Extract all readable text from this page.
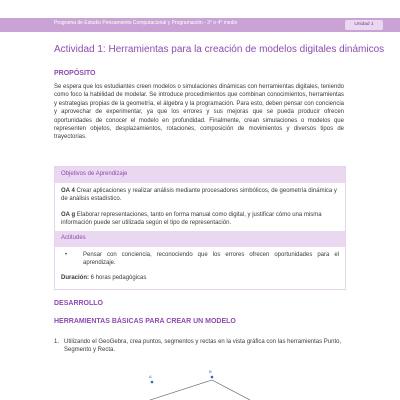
Programa de Estudio Pensamiento Computacional y Programación - 3° o 4° medio	Unidad 1
Actividad 1: Herramientas para la creación de modelos digitales dinámicos
PROPÓSITO
Se espera que los estudiantes creen modelos o simulaciones dinámicas con herramientas digitales, teniendo como foco la habilidad de modelar. Se introduce procedimientos que combinan conocimientos, herramientas y estrategias propias de la geometría, el álgebra y la programación. Para esto, deben pensar con conciencia y aprovechar de experimentar, ya que los errores y sus mejoras que se pueda producir ofrecen oportunidades de conocer el modelo en profundidad. Finalmente, crean simulaciones o modelos que representen objetos, desplazamientos, rotaciones, composición de movimientos y diversos tipos de trayectorias.
Objetivos de Aprendizaje
OA 4 Crear aplicaciones y realizar análisis mediante procesadores simbólicos, de geometría dinámica y de análisis estadístico.
OA g Elaborar representaciones, tanto en forma manual como digital, y justificar cómo una misma información puede ser utilizada según el tipo de representación.
Actitudes
•	Pensar con conciencia, reconociendo que los errores ofrecen oportunidades para el aprendizaje.
Duración: 6 horas pedagógicas
DESARROLLO
HERRAMIENTAS BÁSICAS PARA CREAR UN MODELO
1. Utilizando el GeoGebra, crea puntos, segmentos y rectas en la vista gráfica con las herramientas Punto, Segmento y Recta.
A
B
